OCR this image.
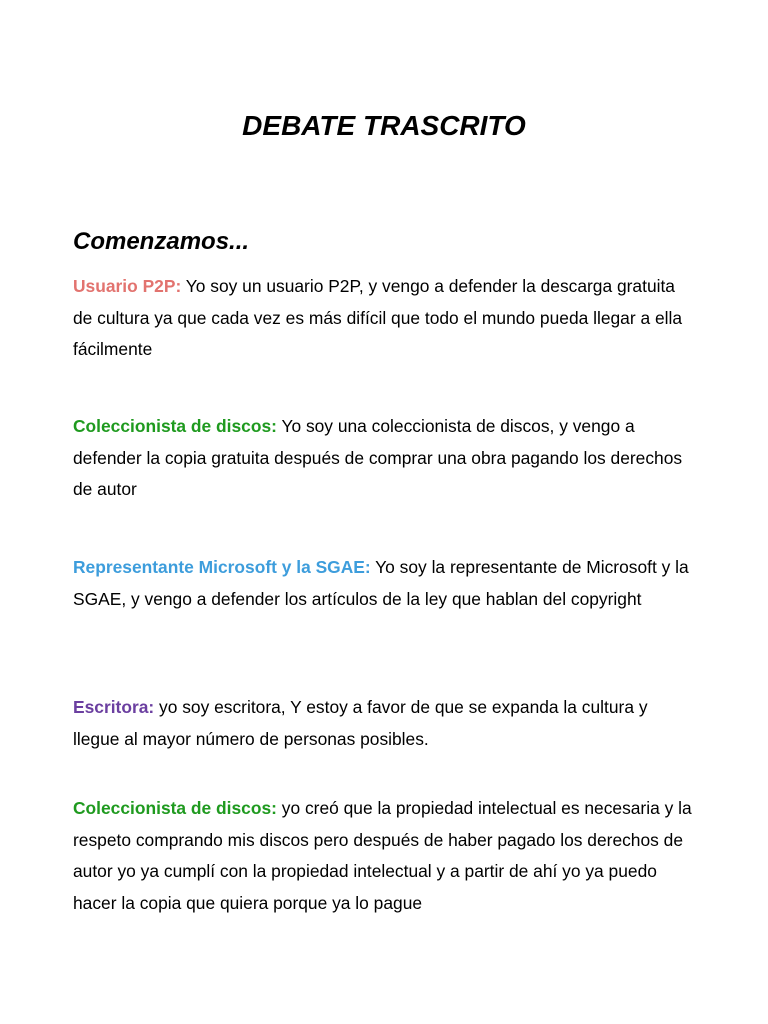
DEBATE TRASCRITO
Comenzamos...

Usuario P2P: Yo soy un usuario P2P, y vengo a defender la descarga gratuita de cultura ya que cada vez es más difícil que todo el mundo pueda llegar a ella fácilmente

Coleccionista de discos: Yo soy una coleccionista de discos, y vengo a defender la copia gratuita después de comprar una obra pagando los derechos de autor

Representante Microsoft y la SGAE: Yo soy la representante de Microsoft y la SGAE, y vengo a defender los artículos de la ley que hablan del copyright

Escritora: yo soy escritora, Y estoy a favor de que se expanda la cultura y llegue al mayor número de personas posibles.

Coleccionista de discos: yo creó que la propiedad intelectual es necesaria y la respeto comprando mis discos pero después de haber pagado los derechos de autor yo ya cumplí con la propiedad intelectual y a partir de ahí yo ya puedo hacer la copia que quiera porque ya lo pague
